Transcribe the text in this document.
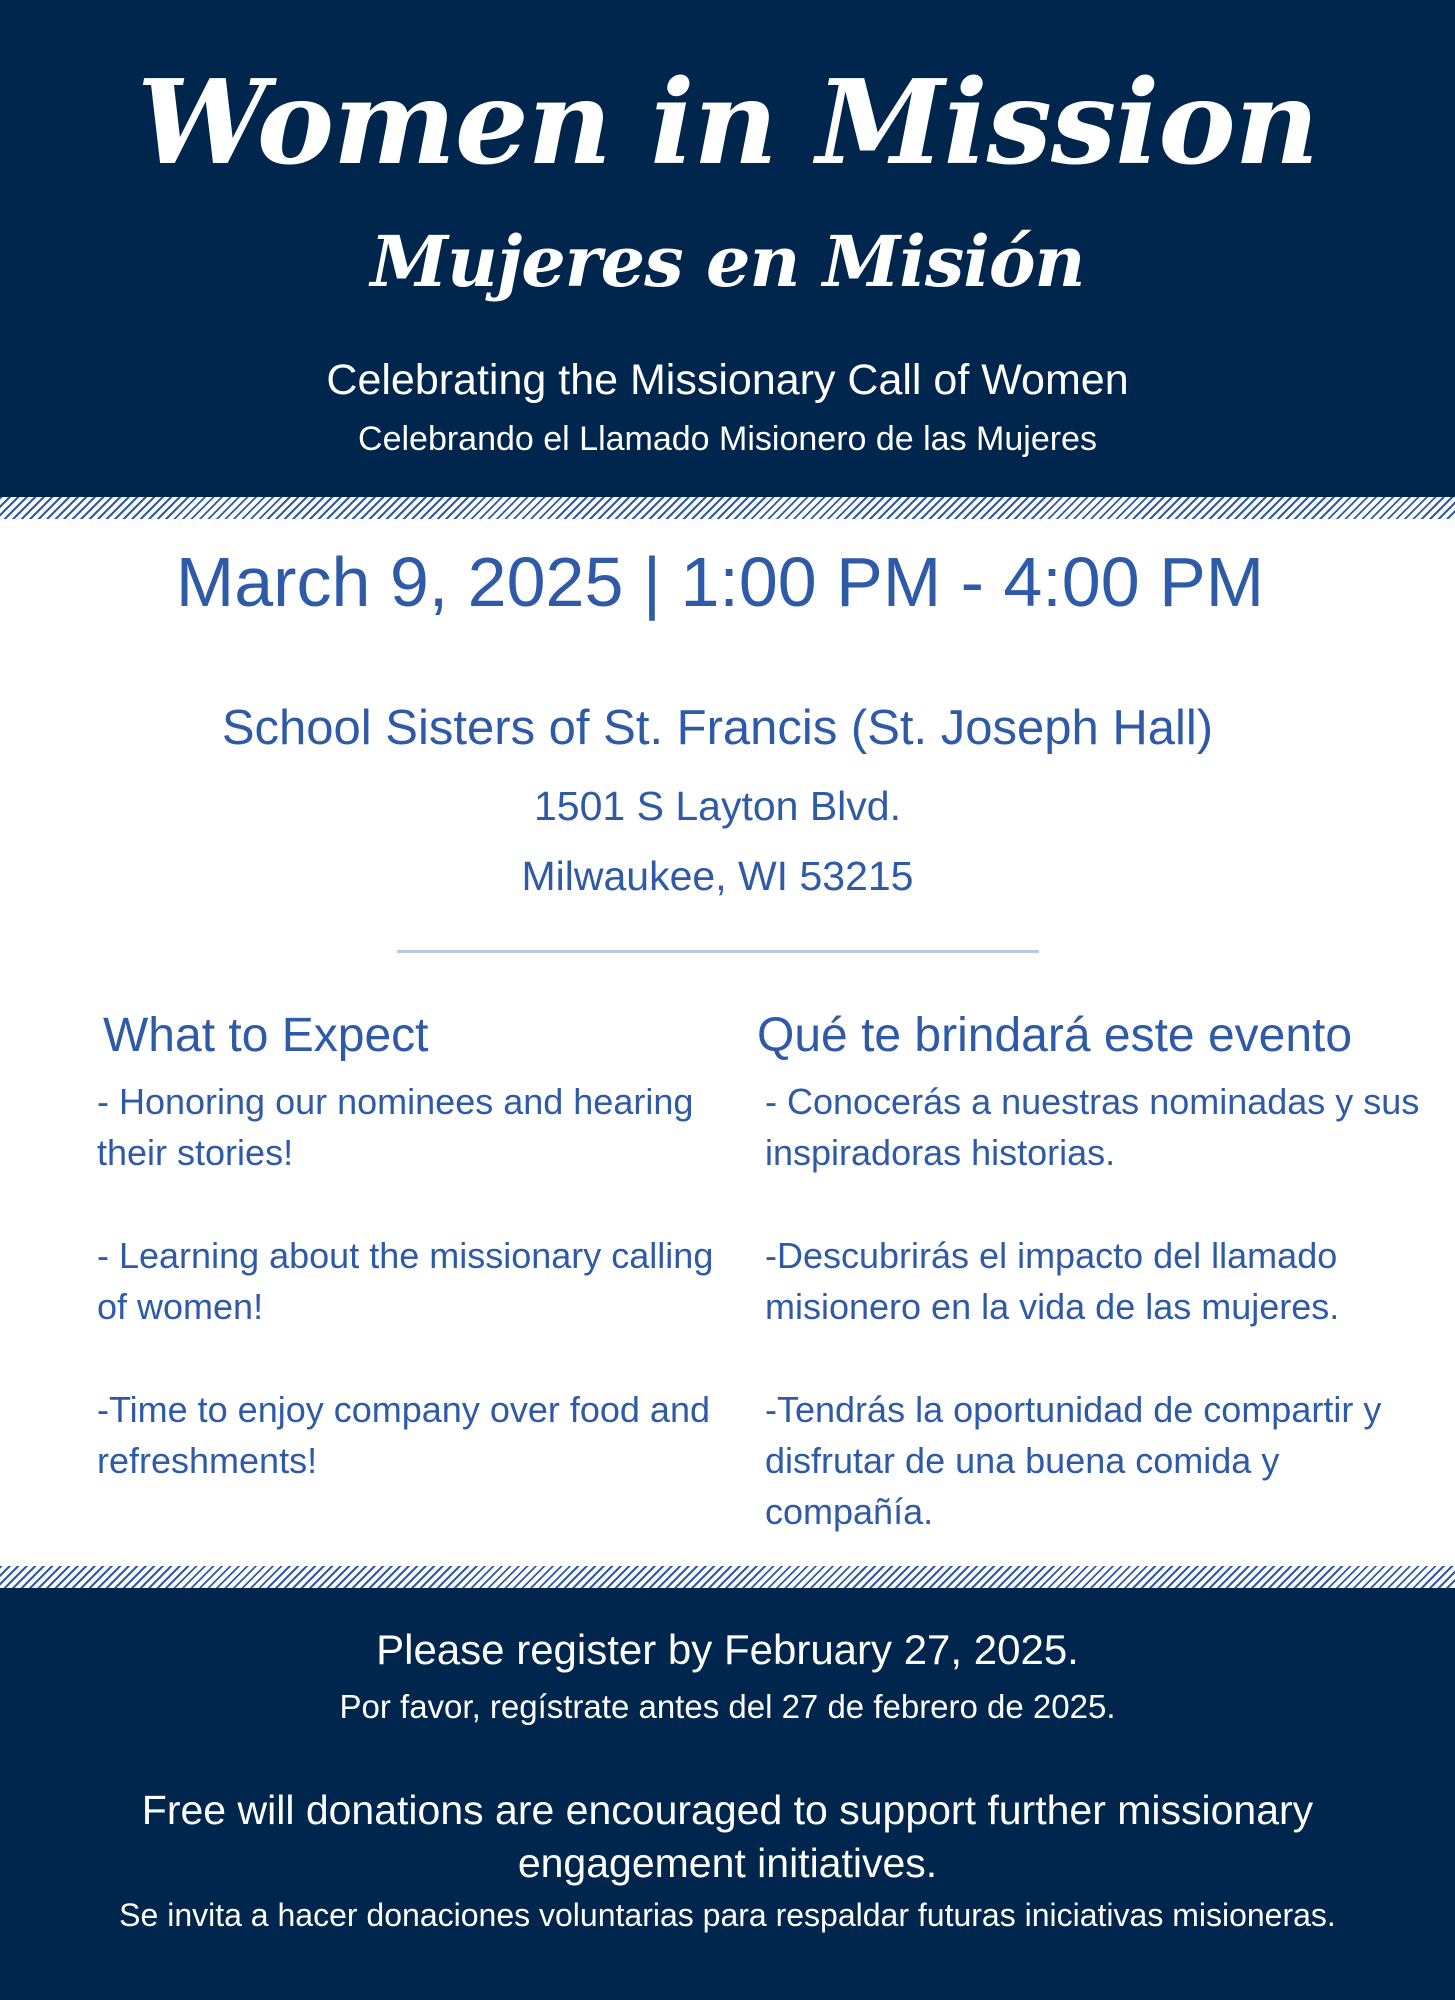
Women in Mission
Mujeres en Misión
Celebrating the Missionary Call of Women
Celebrando el Llamado Misionero de las Mujeres
March 9, 2025 | 1:00 PM - 4:00 PM
School Sisters of St. Francis (St. Joseph Hall)
1501 S Layton Blvd.
Milwaukee, WI 53215
What to Expect
- Honoring our nominees and hearing their stories!
- Learning about the missionary calling of women!
-Time to enjoy company over food and refreshments!
Qué te brindará este evento
- Conocerás a nuestras nominadas y sus inspiradoras historias.
-Descubrirás el impacto del llamado misionero en la vida de las mujeres.
-Tendrás la oportunidad de compartir y disfrutar de una buena comida y compañía.
Please register by February 27, 2025.
Por favor, regístrate antes del 27 de febrero de 2025.
Free will donations are encouraged to support further missionary engagement initiatives.
Se invita a hacer donaciones voluntarias para respaldar futuras iniciativas misioneras.
